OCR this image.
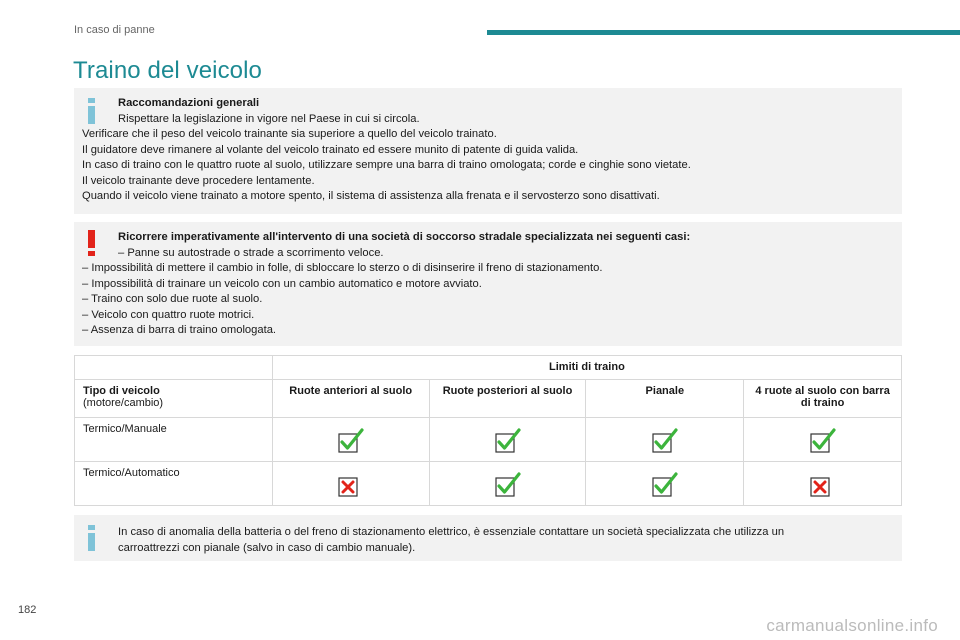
In caso di panne
Traino del veicolo
Raccomandazioni generali
Rispettare la legislazione in vigore nel Paese in cui si circola.
Verificare che il peso del veicolo trainante sia superiore a quello del veicolo trainato.
Il guidatore deve rimanere al volante del veicolo trainato ed essere munito di patente di guida valida.
In caso di traino con le quattro ruote al suolo, utilizzare sempre una barra di traino omologata; corde e cinghie sono vietate.
Il veicolo trainante deve procedere lentamente.
Quando il veicolo viene trainato a motore spento, il sistema di assistenza alla frenata e il servosterzo sono disattivati.
Ricorrere imperativamente all'intervento di una società di soccorso stradale specializzata nei seguenti casi:
– Panne su autostrade o strade a scorrimento veloce.
– Impossibilità di mettere il cambio in folle, di sbloccare lo sterzo o di disinserire il freno di stazionamento.
– Impossibilità di trainare un veicolo con un cambio automatico e motore avviato.
– Traino con solo due ruote al suolo.
– Veicolo con quattro ruote motrici.
– Assenza di barra di traino omologata.
	Limiti di traino			

Tipo di veicolo
(motore/cambio)	Ruote anteriori al suolo	Ruote posteriori al suolo	Pianale	4 ruote al suolo con barra di traino
Termico/Manuale	

Termico/Automatico	

In caso di anomalia della batteria o del freno di stazionamento elettrico, è essenziale contattare un società specializzata che utilizza un
carroattrezzi con pianale (salvo in caso di cambio manuale).
182
carmanualsonline.info
